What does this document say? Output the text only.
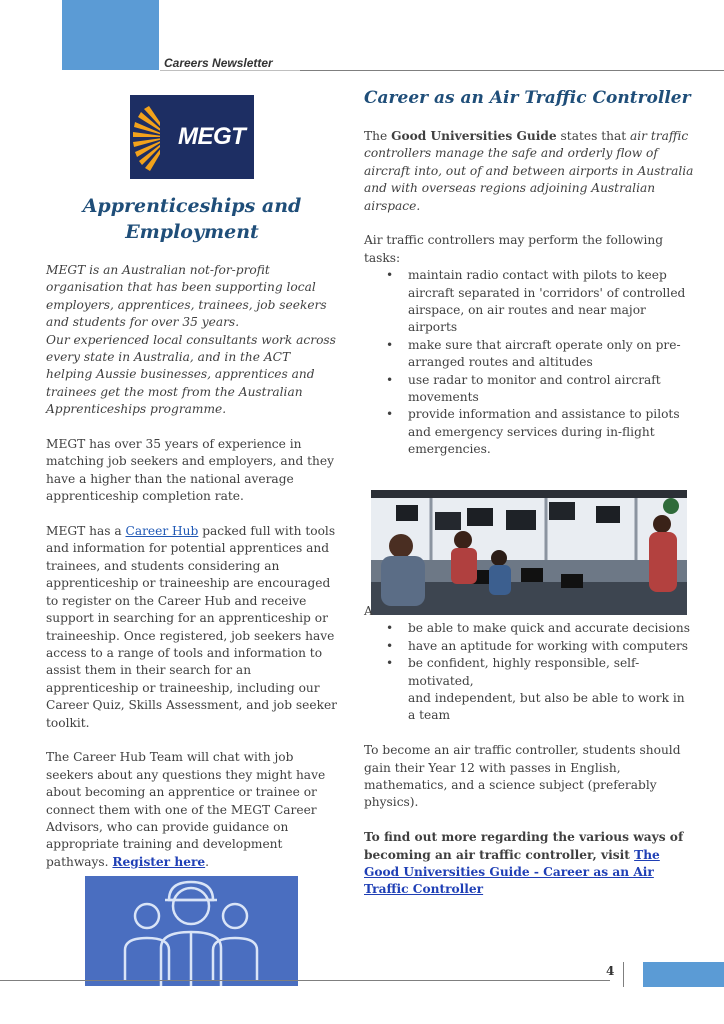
Careers Newsletter
MEGT
Apprenticeships and
Employment

MEGT is an Australian not-for-profit organisation that has been supporting local employers, apprentices, trainees, job seekers and students for over 35 years.

Our experienced local consultants work across every state in Australia, and in the ACT helping Aussie businesses, apprentices and trainees get the most from the Australian Apprenticeships programme.

MEGT has over 35 years of experience in matching job seekers and employers, and they have a higher than the national average apprenticeship completion rate.

MEGT has a Career Hub packed full with tools and information for potential apprentices and trainees, and students considering an apprenticeship or traineeship are encouraged to register on the Career Hub and receive support in searching for an apprenticeship or traineeship. Once registered, job seekers have access to a range of tools and information to assist them in their search for an apprenticeship or traineeship, including our Career Quiz, Skills Assessment, and job seeker toolkit.

The Career Hub Team will chat with job seekers about any questions they might have about becoming an apprentice or trainee or connect them with one of the MEGT Career Advisors, who can provide guidance on appropriate training and development pathways. Register here.

Career as an Air Traffic Controller

The Good Universities Guide states that air traffic controllers manage the safe and orderly flow of aircraft into, out of and between airports in Australia and with overseas regions adjoining Australian airspace.

Air traffic controllers may perform the following tasks:

• maintain radio contact with pilots to keep aircraft separated in 'corridors' of controlled airspace, on air routes and near major airports
• make sure that aircraft operate only on pre-arranged routes and altitudes
• use radar to monitor and control aircraft movements
• provide information and assistance to pilots and emergency services during in-flight emergencies.

A

• be able to make quick and accurate decisions
• have an aptitude for working with computers
• be confident, highly responsible, self-motivated,
and independent, but also be able to work in a team

To become an air traffic controller, students should gain their Year 12 with passes in English, mathematics, and a science subject (preferably physics).

To find out more regarding the various ways of becoming an air traffic controller, visit The Good Universities Guide - Career as an Air Traffic Controller

4
